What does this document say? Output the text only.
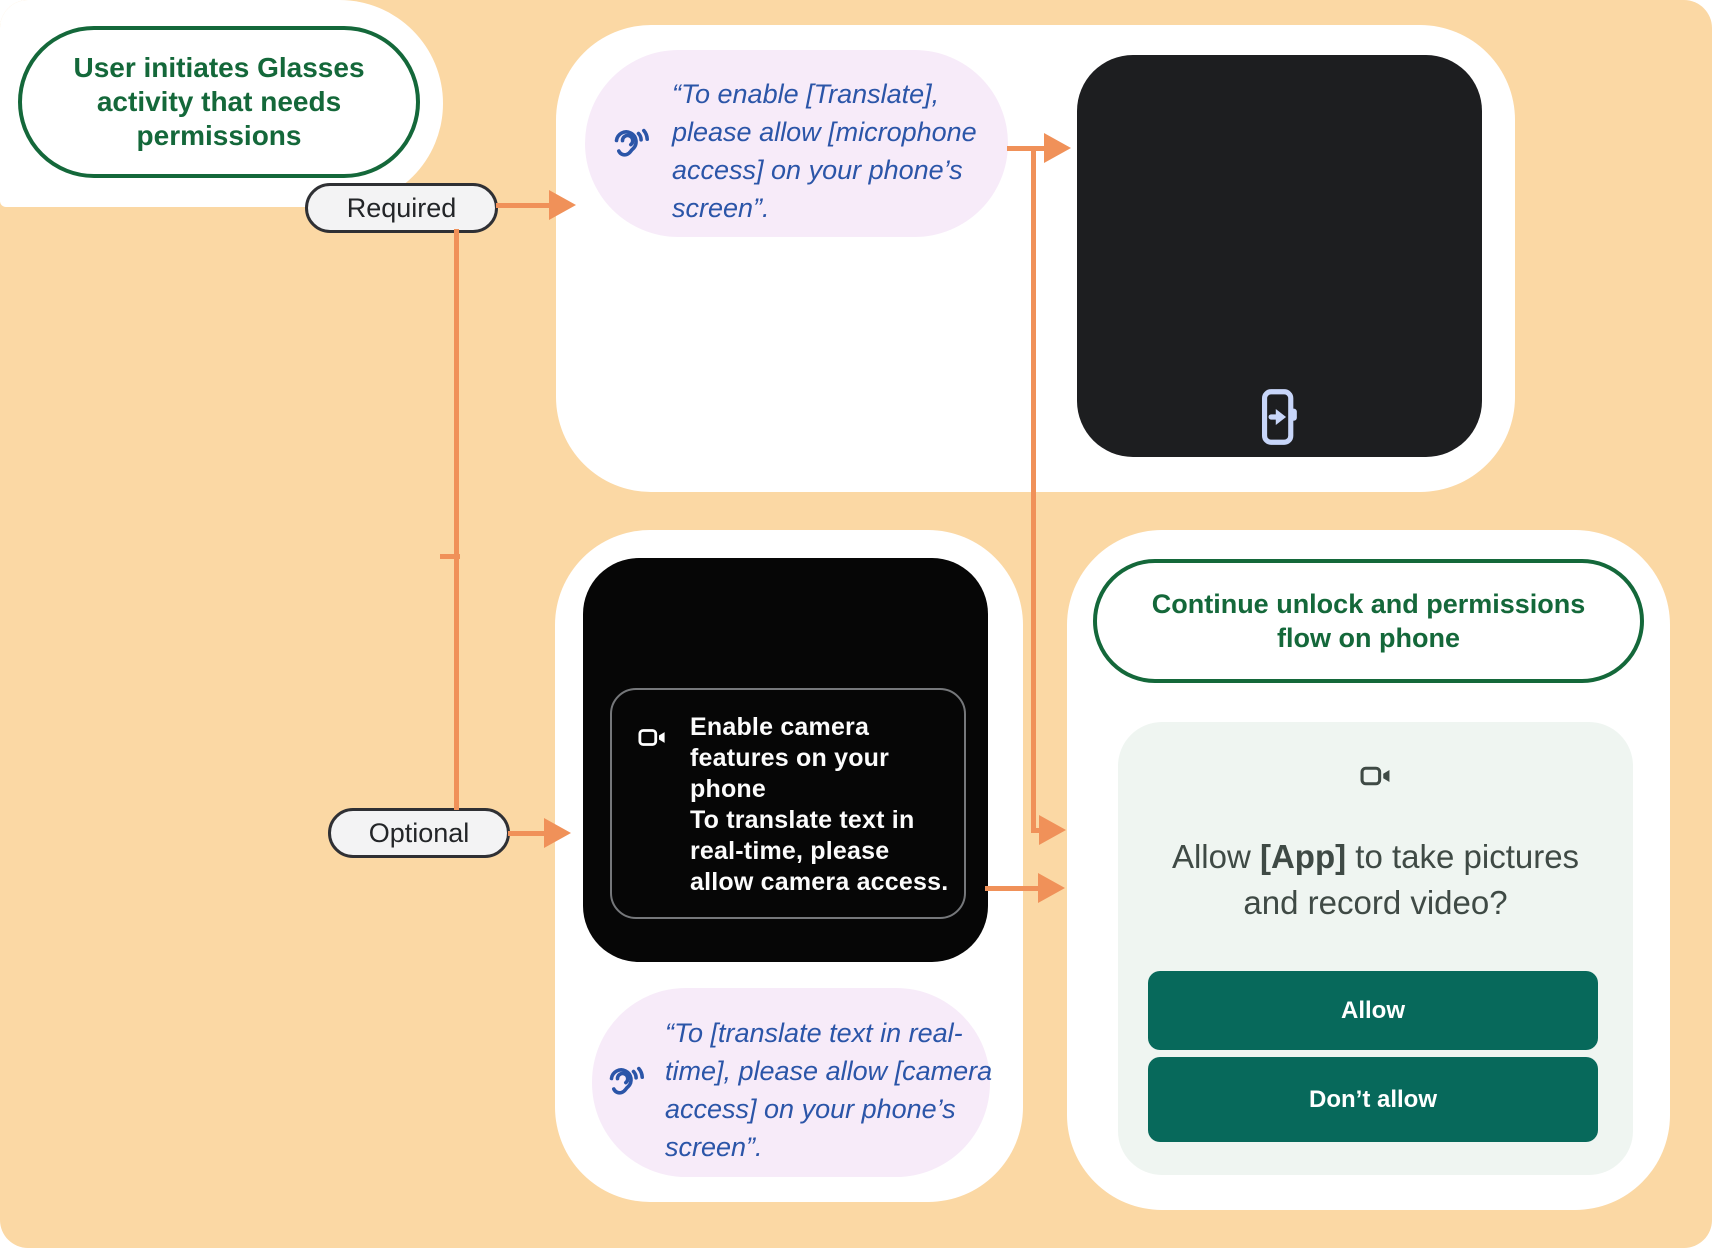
“To enable [Translate],
please allow [microphone
access] on your phone’s
screen”.
Enable camera
features on your
phone
To translate text in
real-time, please
allow camera access.
“To [translate text in real-
time], please allow [camera
access] on your phone’s
screen”.
Continue unlock and permissions
flow on phone
Allow [App] to take pictures
and record video?
Allow
Don’t allow
User initiates Glasses
activity that needs
permissions
Required
Optional
